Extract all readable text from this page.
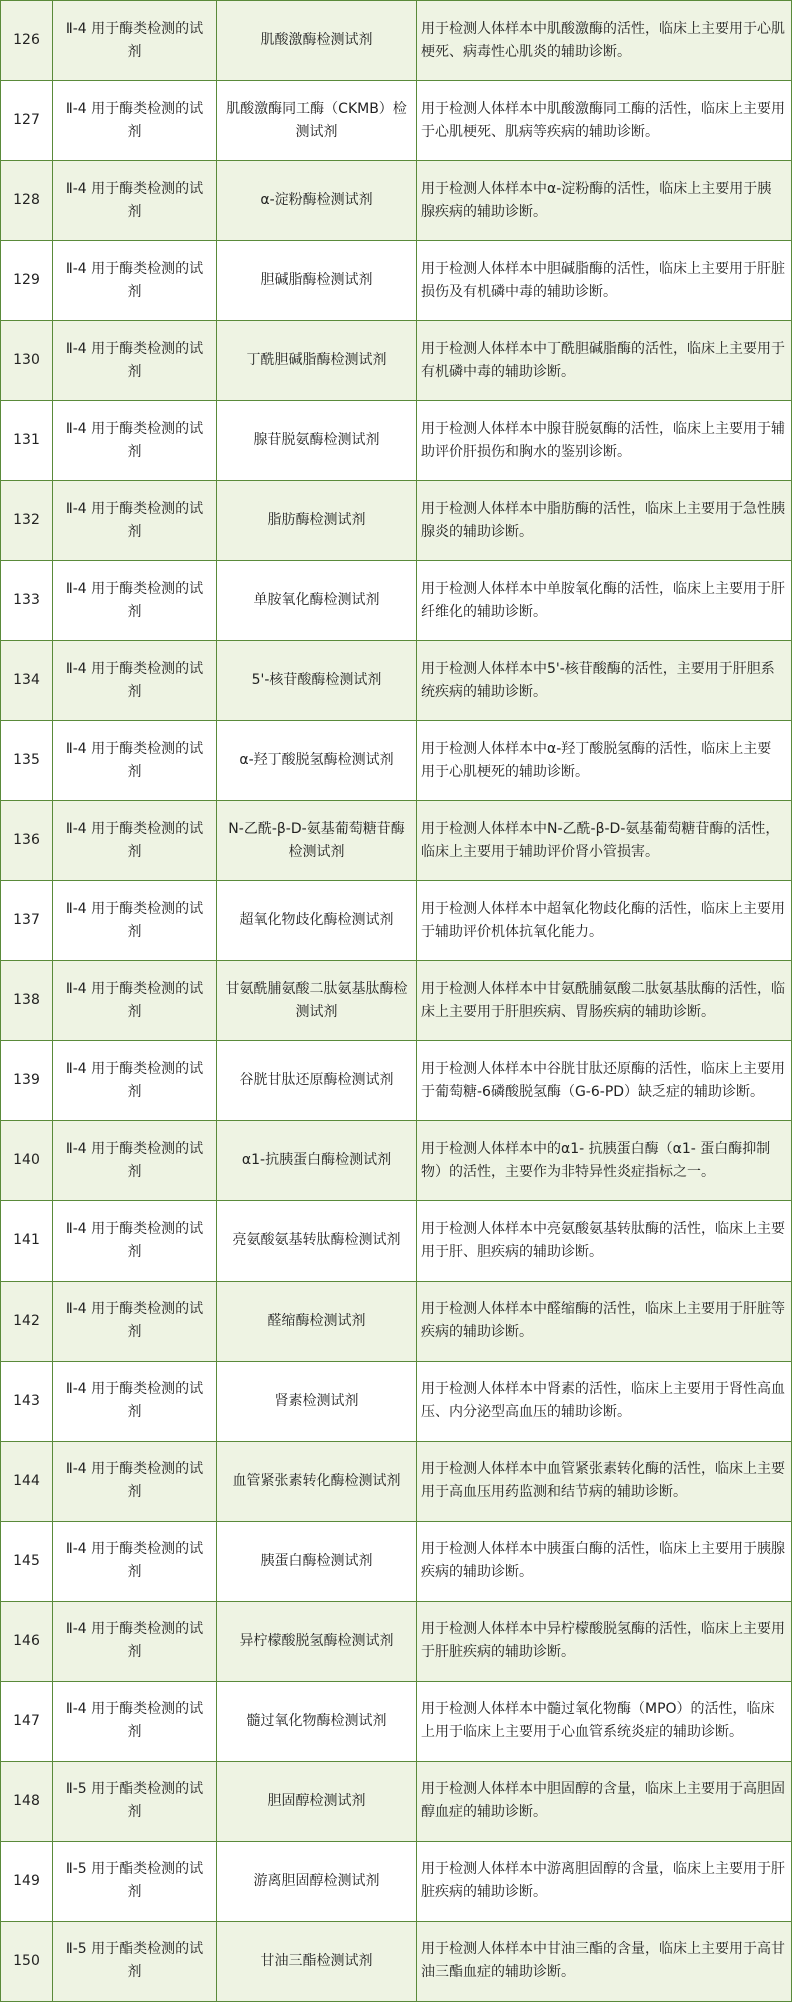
126	Ⅱ-4 用于酶类检测的试剂	肌酸激酶检测试剂	用于检测人体样本中肌酸激酶的活性，临床上主要用于心肌梗死、病毒性心肌炎的辅助诊断。
127	Ⅱ-4 用于酶类检测的试剂	肌酸激酶同工酶（CKMB）检测试剂	用于检测人体样本中肌酸激酶同工酶的活性，临床上主要用于心肌梗死、肌病等疾病的辅助诊断。
128	Ⅱ-4 用于酶类检测的试剂	α-淀粉酶检测试剂	用于检测人体样本中α-淀粉酶的活性，临床上主要用于胰腺疾病的辅助诊断。
129	Ⅱ-4 用于酶类检测的试剂	胆碱脂酶检测试剂	用于检测人体样本中胆碱脂酶的活性，临床上主要用于肝脏损伤及有机磷中毒的辅助诊断。
130	Ⅱ-4 用于酶类检测的试剂	丁酰胆碱脂酶检测试剂	用于检测人体样本中丁酰胆碱脂酶的活性，临床上主要用于有机磷中毒的辅助诊断。
131	Ⅱ-4 用于酶类检测的试剂	腺苷脱氨酶检测试剂	用于检测人体样本中腺苷脱氨酶的活性，临床上主要用于辅助评价肝损伤和胸水的鉴别诊断。
132	Ⅱ-4 用于酶类检测的试剂	脂肪酶检测试剂	用于检测人体样本中脂肪酶的活性，临床上主要用于急性胰腺炎的辅助诊断。
133	Ⅱ-4 用于酶类检测的试剂	单胺氧化酶检测试剂	用于检测人体样本中单胺氧化酶的活性，临床上主要用于肝纤维化的辅助诊断。
134	Ⅱ-4 用于酶类检测的试剂	5'-核苷酸酶检测试剂	用于检测人体样本中5'-核苷酸酶的活性，主要用于肝胆系统疾病的辅助诊断。
135	Ⅱ-4 用于酶类检测的试剂	α-羟丁酸脱氢酶检测试剂	用于检测人体样本中α-羟丁酸脱氢酶的活性，临床上主要用于心肌梗死的辅助诊断。
136	Ⅱ-4 用于酶类检测的试剂	N-乙酰-β-D-氨基葡萄糖苷酶检测试剂	用于检测人体样本中N-乙酰-β-D-氨基葡萄糖苷酶的活性，临床上主要用于辅助评价肾小管损害。
137	Ⅱ-4 用于酶类检测的试剂	超氧化物歧化酶检测试剂	用于检测人体样本中超氧化物歧化酶的活性，临床上主要用于辅助评价机体抗氧化能力。
138	Ⅱ-4 用于酶类检测的试剂	甘氨酰脯氨酸二肽氨基肽酶检测试剂	用于检测人体样本中甘氨酰脯氨酸二肽氨基肽酶的活性，临床上主要用于肝胆疾病、胃肠疾病的辅助诊断。
139	Ⅱ-4 用于酶类检测的试剂	谷胱甘肽还原酶检测试剂	用于检测人体样本中谷胱甘肽还原酶的活性，临床上主要用于葡萄糖-6磷酸脱氢酶（G-6-PD）缺乏症的辅助诊断。
140	Ⅱ-4 用于酶类检测的试剂	α1-抗胰蛋白酶检测试剂	用于检测人体样本中的α1- 抗胰蛋白酶（α1- 蛋白酶抑制物）的活性，主要作为非特异性炎症指标之一。
141	Ⅱ-4 用于酶类检测的试剂	亮氨酸氨基转肽酶检测试剂	用于检测人体样本中亮氨酸氨基转肽酶的活性，临床上主要用于肝、胆疾病的辅助诊断。
142	Ⅱ-4 用于酶类检测的试剂	醛缩酶检测试剂	用于检测人体样本中醛缩酶的活性，临床上主要用于肝脏等疾病的辅助诊断。
143	Ⅱ-4 用于酶类检测的试剂	肾素检测试剂	用于检测人体样本中肾素的活性，临床上主要用于肾性高血压、内分泌型高血压的辅助诊断。
144	Ⅱ-4 用于酶类检测的试剂	血管紧张素转化酶检测试剂	用于检测人体样本中血管紧张素转化酶的活性，临床上主要用于高血压用药监测和结节病的辅助诊断。
145	Ⅱ-4 用于酶类检测的试剂	胰蛋白酶检测试剂	用于检测人体样本中胰蛋白酶的活性，临床上主要用于胰腺疾病的辅助诊断。
146	Ⅱ-4 用于酶类检测的试剂	异柠檬酸脱氢酶检测试剂	用于检测人体样本中异柠檬酸脱氢酶的活性，临床上主要用于肝脏疾病的辅助诊断。
147	Ⅱ-4 用于酶类检测的试剂	髓过氧化物酶检测试剂	用于检测人体样本中髓过氧化物酶（MPO）的活性，临床上用于临床上主要用于心血管系统炎症的辅助诊断。
148	Ⅱ-5 用于酯类检测的试剂	胆固醇检测试剂	用于检测人体样本中胆固醇的含量，临床上主要用于高胆固醇血症的辅助诊断。
149	Ⅱ-5 用于酯类检测的试剂	游离胆固醇检测试剂	用于检测人体样本中游离胆固醇的含量，临床上主要用于肝脏疾病的辅助诊断。
150	Ⅱ-5 用于酯类检测的试剂	甘油三酯检测试剂	用于检测人体样本中甘油三酯的含量，临床上主要用于高甘油三酯血症的辅助诊断。
